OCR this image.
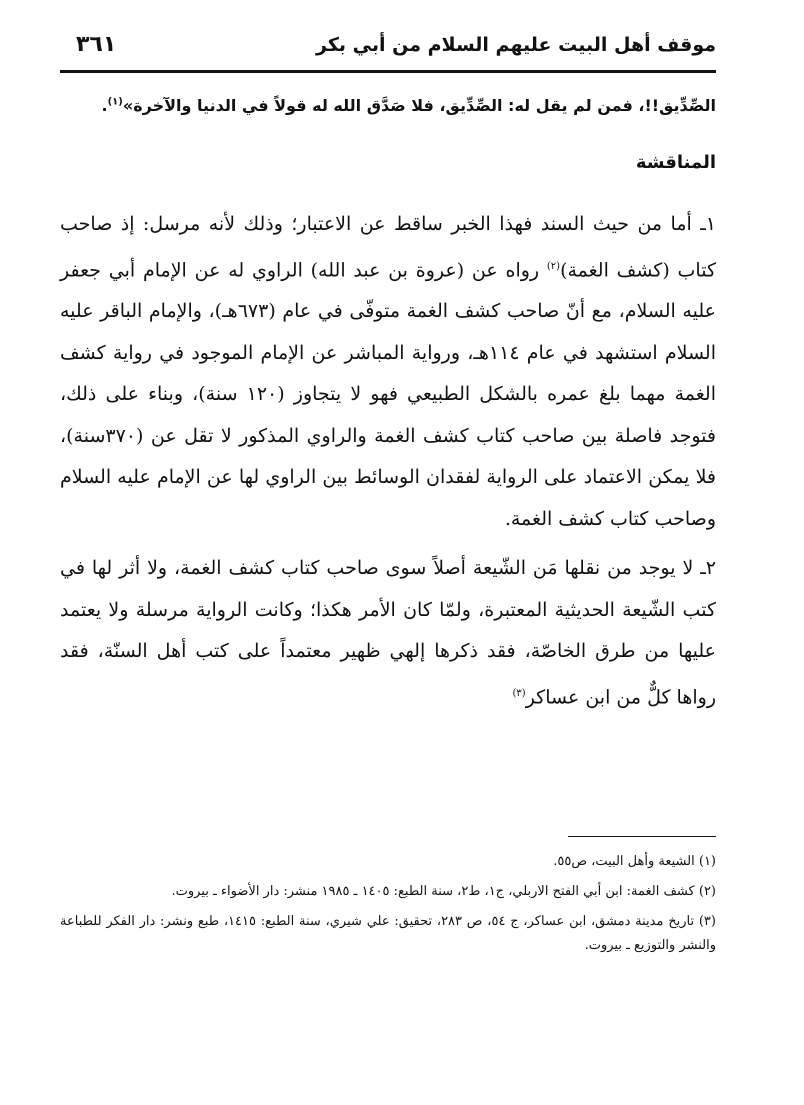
موقف أهل البيت عليهم السلام من أبي بكر
٣٦١
الصِّدِّيق!!، فمن لم يقل له: الصِّدِّيق، فلا صَدَّق الله له قولاً في الدنيا والآخرة»$^{(١)}$.
المناقشة

١ـ أما من حيث السند فهذا الخبر ساقط عن الاعتبار؛ وذلك لأنه مرسل: إذ صاحب كتاب (كشف الغمة)$^{(٢)}$ رواه عن (عروة بن عبد الله) الراوي له عن الإمام أبي جعفر عليه السلام، مع أنّ صاحب كشف الغمة متوفّى في عام (٦٧٣هـ)، والإمام الباقر عليه السلام استشهد في عام ١١٤هـ، ورواية المباشر عن الإمام الموجود في رواية كشف الغمة مهما بلغ عمره بالشكل الطبيعي فهو لا يتجاوز (١٢٠ سنة)، وبناء على ذلك، فتوجد فاصلة بين صاحب كتاب كشف الغمة والراوي المذكور لا تقل عن (٣٧٠سنة)، فلا يمكن الاعتماد على الرواية لفقدان الوسائط بين الراوي لها عن الإمام عليه السلام وصاحب كتاب كشف الغمة.

٢ـ لا يوجد من نقلها مَن الشّيعة أصلاً سوى صاحب كتاب كشف الغمة، ولا أثر لها في كتب الشّيعة الحديثية المعتبرة، ولمّا كان الأمر هكذا؛ وكانت الرواية مرسلة ولا يعتمد عليها من طرق الخاصّة، فقد ذكرها إلهي ظهير معتمداً على كتب أهل السنّة، فقد رواها كلٌّ من ابن عساكر$^{(٣)}$

(١) الشيعة وأهل البيت، ص٥٥.

(٢) كشف الغمة: ابن أبي الفتح الاربلي، ج١، ط٢، سنة الطبع: ١٤٠٥ ـ ١٩٨٥ منشر: دار الأضواء ـ بيروت.

(٣) تاريخ مدينة دمشق، ابن عساكر، ج ٥٤، ص ٢٨٣، تحقيق: علي شيري، سنة الطبع: ١٤١٥، طبع ونشر: دار الفكر للطباعة والنشر والتوزيع ـ بيروت.
